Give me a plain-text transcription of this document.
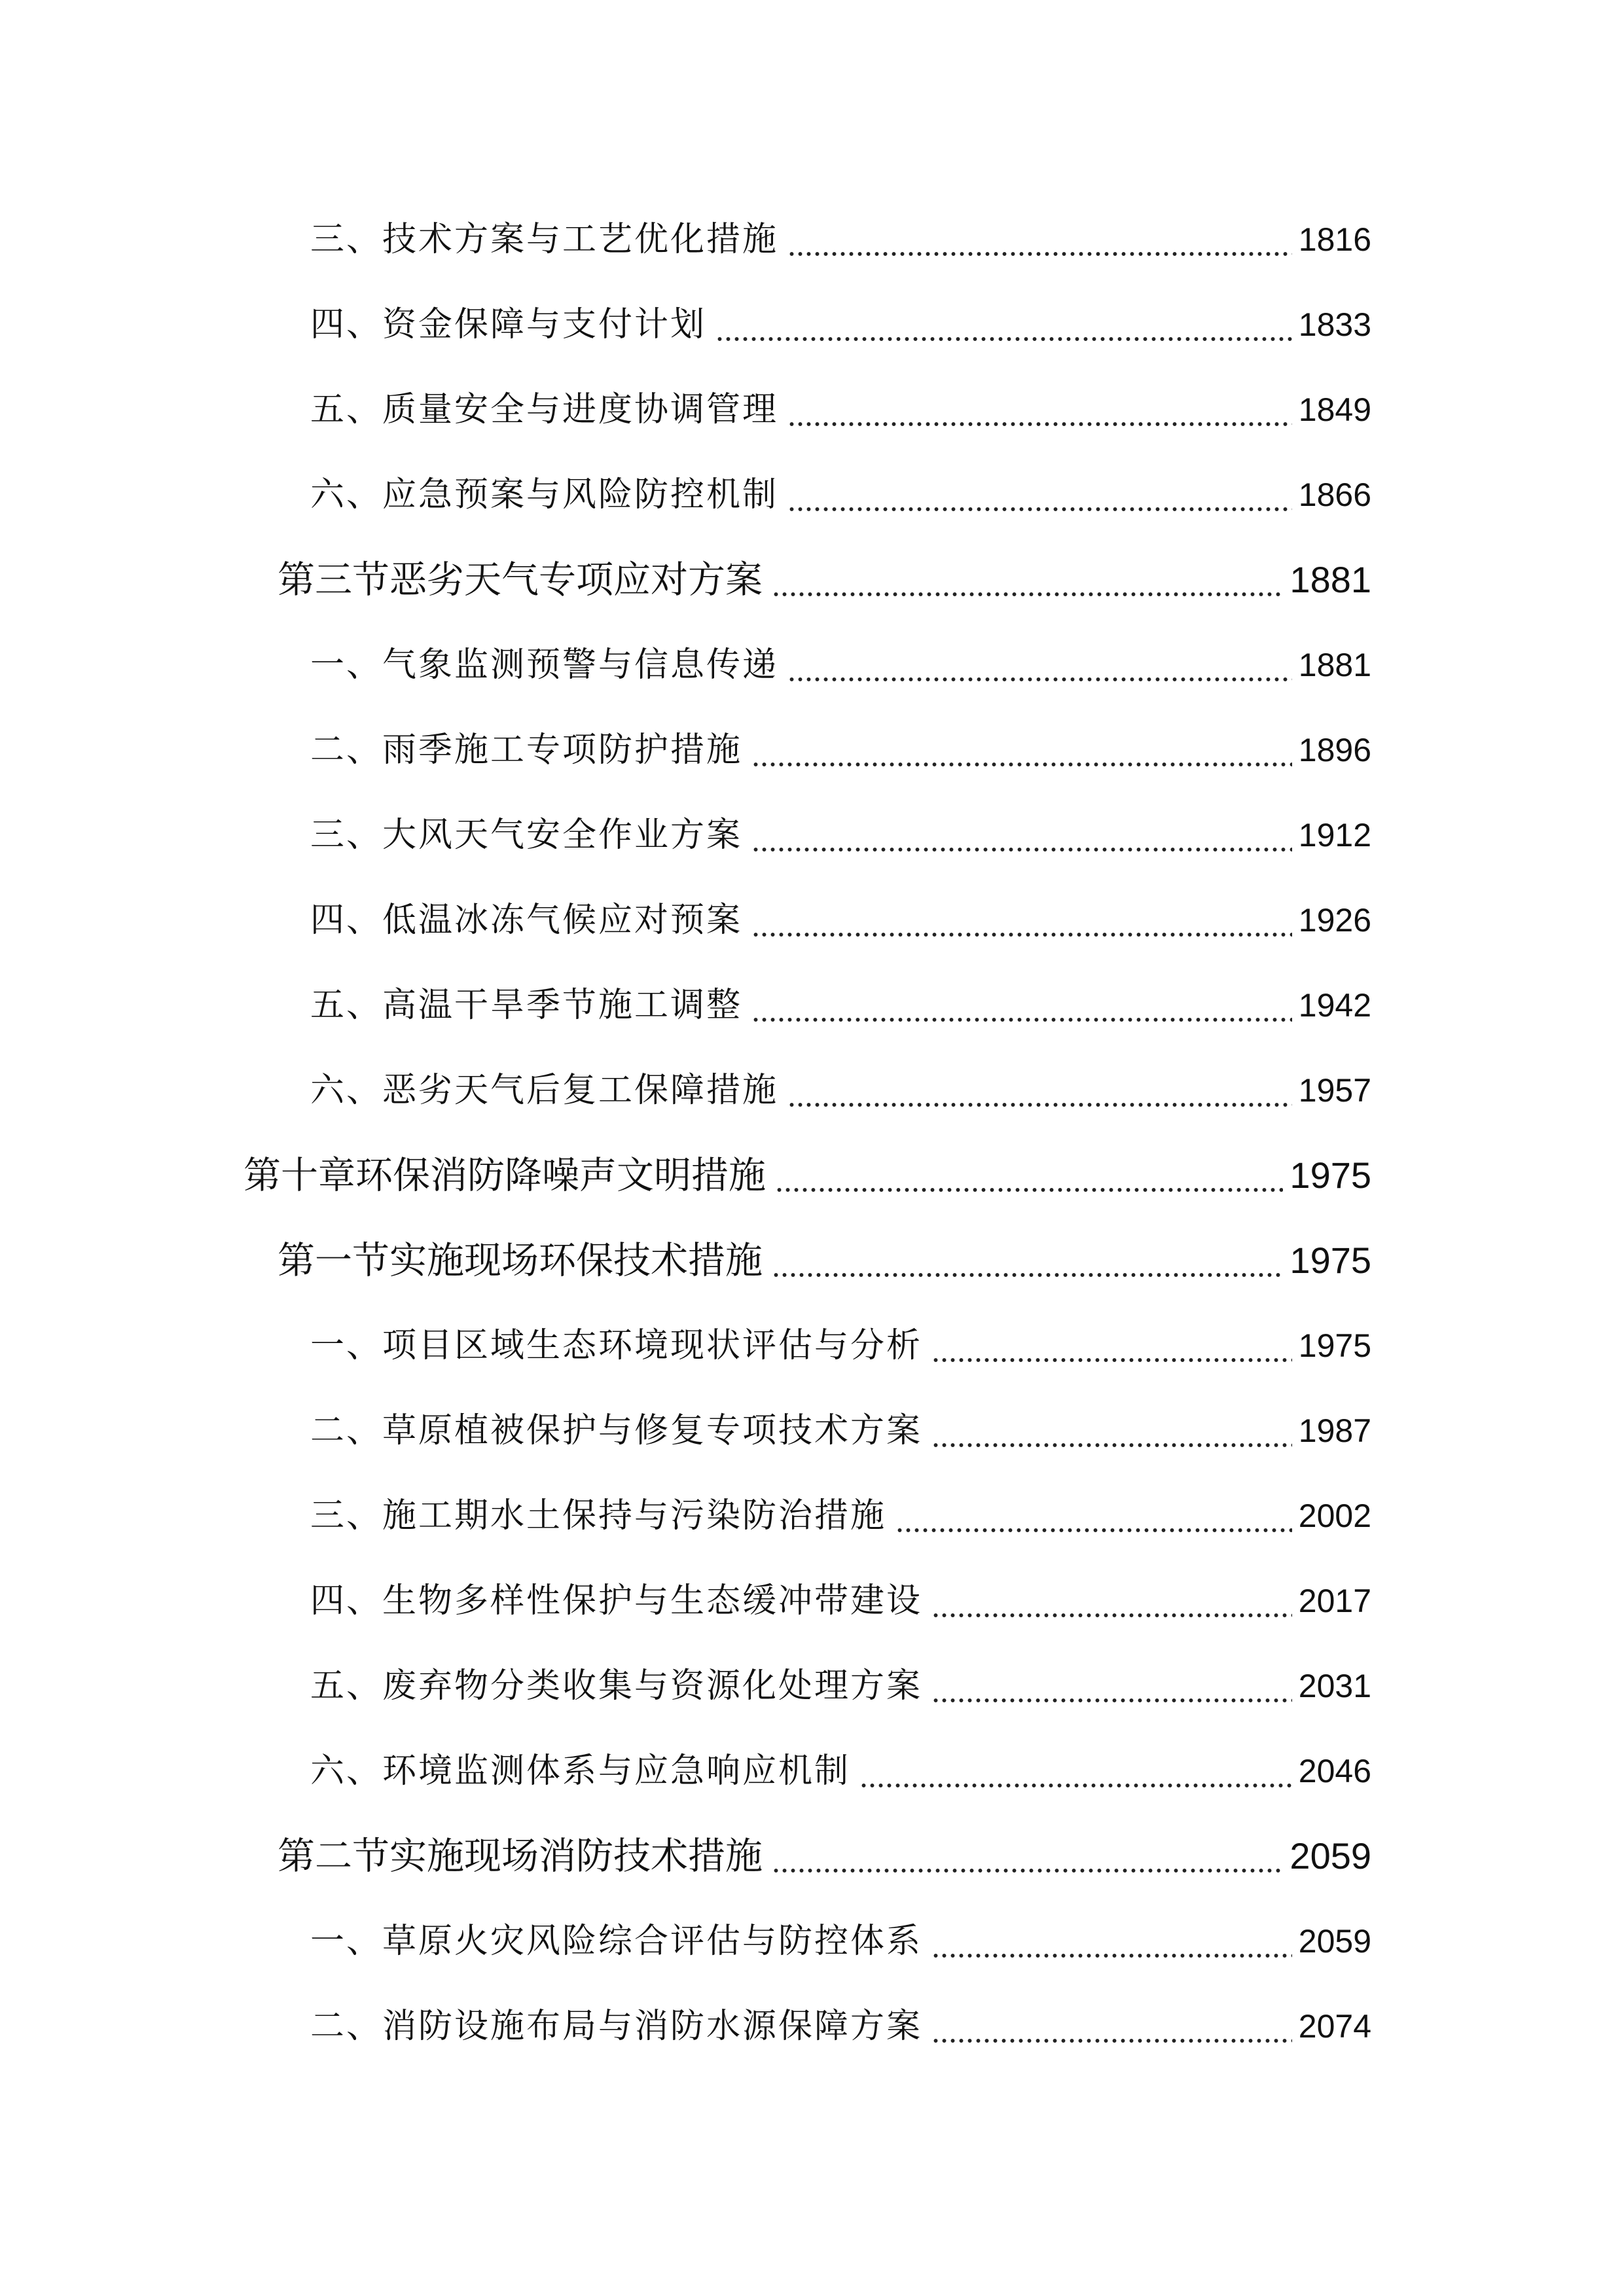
三、技术方案与工艺优化措施	1816
四、资金保障与支付计划	1833
五、质量安全与进度协调管理	1849
六、应急预案与风险防控机制	1866
第三节恶劣天气专项应对方案	1881
一、气象监测预警与信息传递	1881
二、雨季施工专项防护措施	1896
三、大风天气安全作业方案	1912
四、低温冰冻气候应对预案	1926
五、高温干旱季节施工调整	1942
六、恶劣天气后复工保障措施	1957
第十章环保消防降噪声文明措施	1975
第一节实施现场环保技术措施	1975
一、项目区域生态环境现状评估与分析	1975
二、草原植被保护与修复专项技术方案	1987
三、施工期水土保持与污染防治措施	2002
四、生物多样性保护与生态缓冲带建设	2017
五、废弃物分类收集与资源化处理方案	2031
六、环境监测体系与应急响应机制	2046
第二节实施现场消防技术措施	2059
一、草原火灾风险综合评估与防控体系	2059
二、消防设施布局与消防水源保障方案	2074
